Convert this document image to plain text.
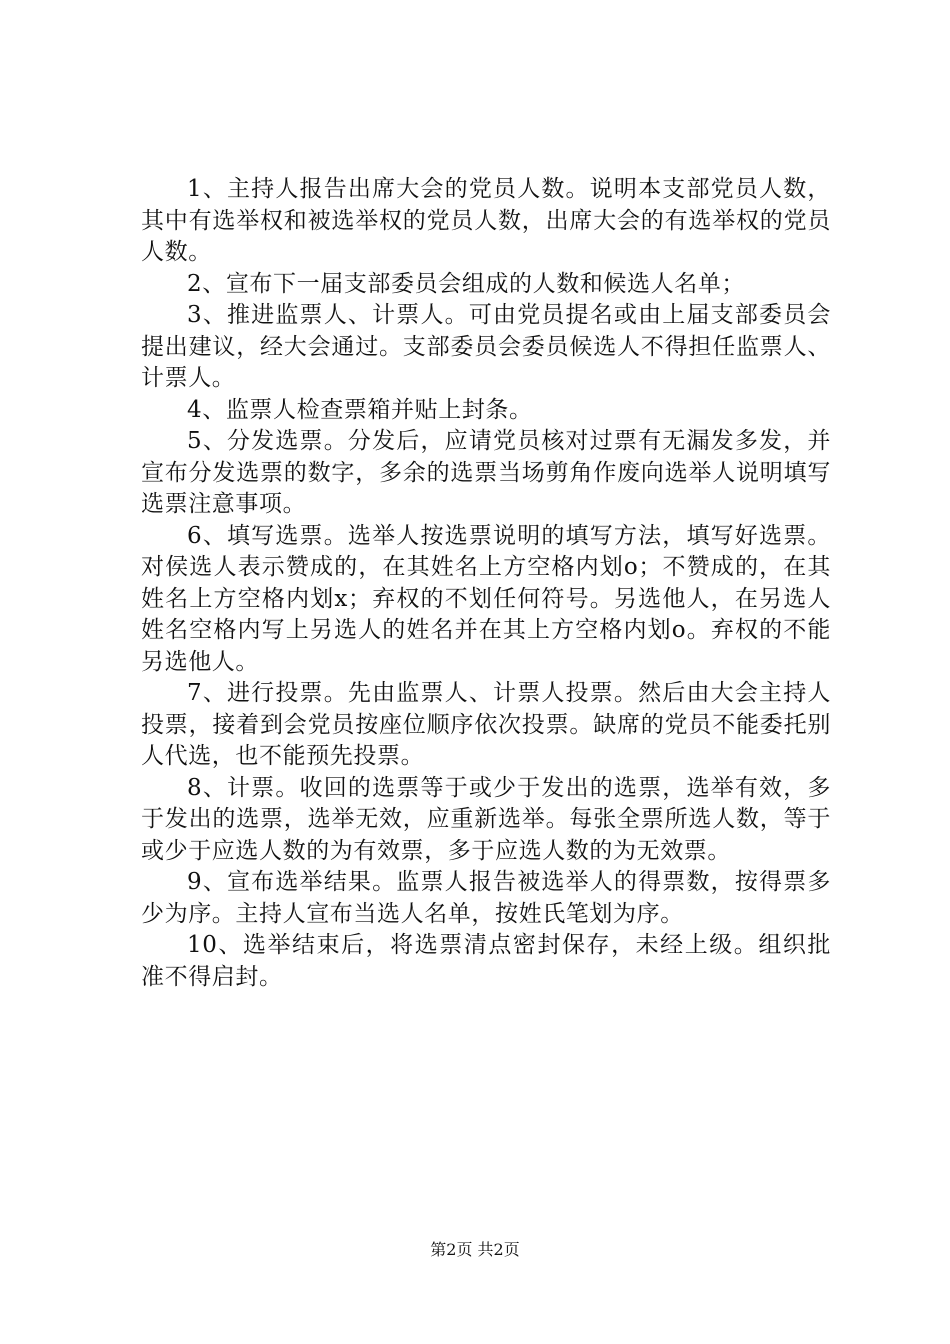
1、主持人报告出席大会的党员人数。说明本支部党员人数，其中有选举权和被选举权的党员人数，出席大会的有选举权的党员人数。

2、宣布下一届支部委员会组成的人数和候选人名单；

3、推进监票人、计票人。可由党员提名或由上届支部委员会提出建议，经大会通过。支部委员会委员候选人不得担任监票人、计票人。

4、监票人检查票箱并贴上封条。

5、分发选票。分发后，应请党员核对过票有无漏发多发，并宣布分发选票的数字，多余的选票当场剪角作废向选举人说明填写选票注意事项。

6、填写选票。选举人按选票说明的填写方法，填写好选票。对侯选人表示赞成的，在其姓名上方空格内划o；不赞成的，在其姓名上方空格内划x；弃权的不划任何符号。另选他人，在另选人姓名空格内写上另选人的姓名并在其上方空格内划o。弃权的不能另选他人。

7、进行投票。先由监票人、计票人投票。然后由大会主持人投票，接着到会党员按座位顺序依次投票。缺席的党员不能委托别人代选，也不能预先投票。

8、计票。收回的选票等于或少于发出的选票，选举有效，多于发出的选票，选举无效，应重新选举。每张全票所选人数，等于或少于应选人数的为有效票，多于应选人数的为无效票。

9、宣布选举结果。监票人报告被选举人的得票数，按得票多少为序。主持人宣布当选人名单，按姓氏笔划为序。

10、选举结束后，将选票清点密封保存，未经上级。组织批准不得启封。

第2页 共2页
